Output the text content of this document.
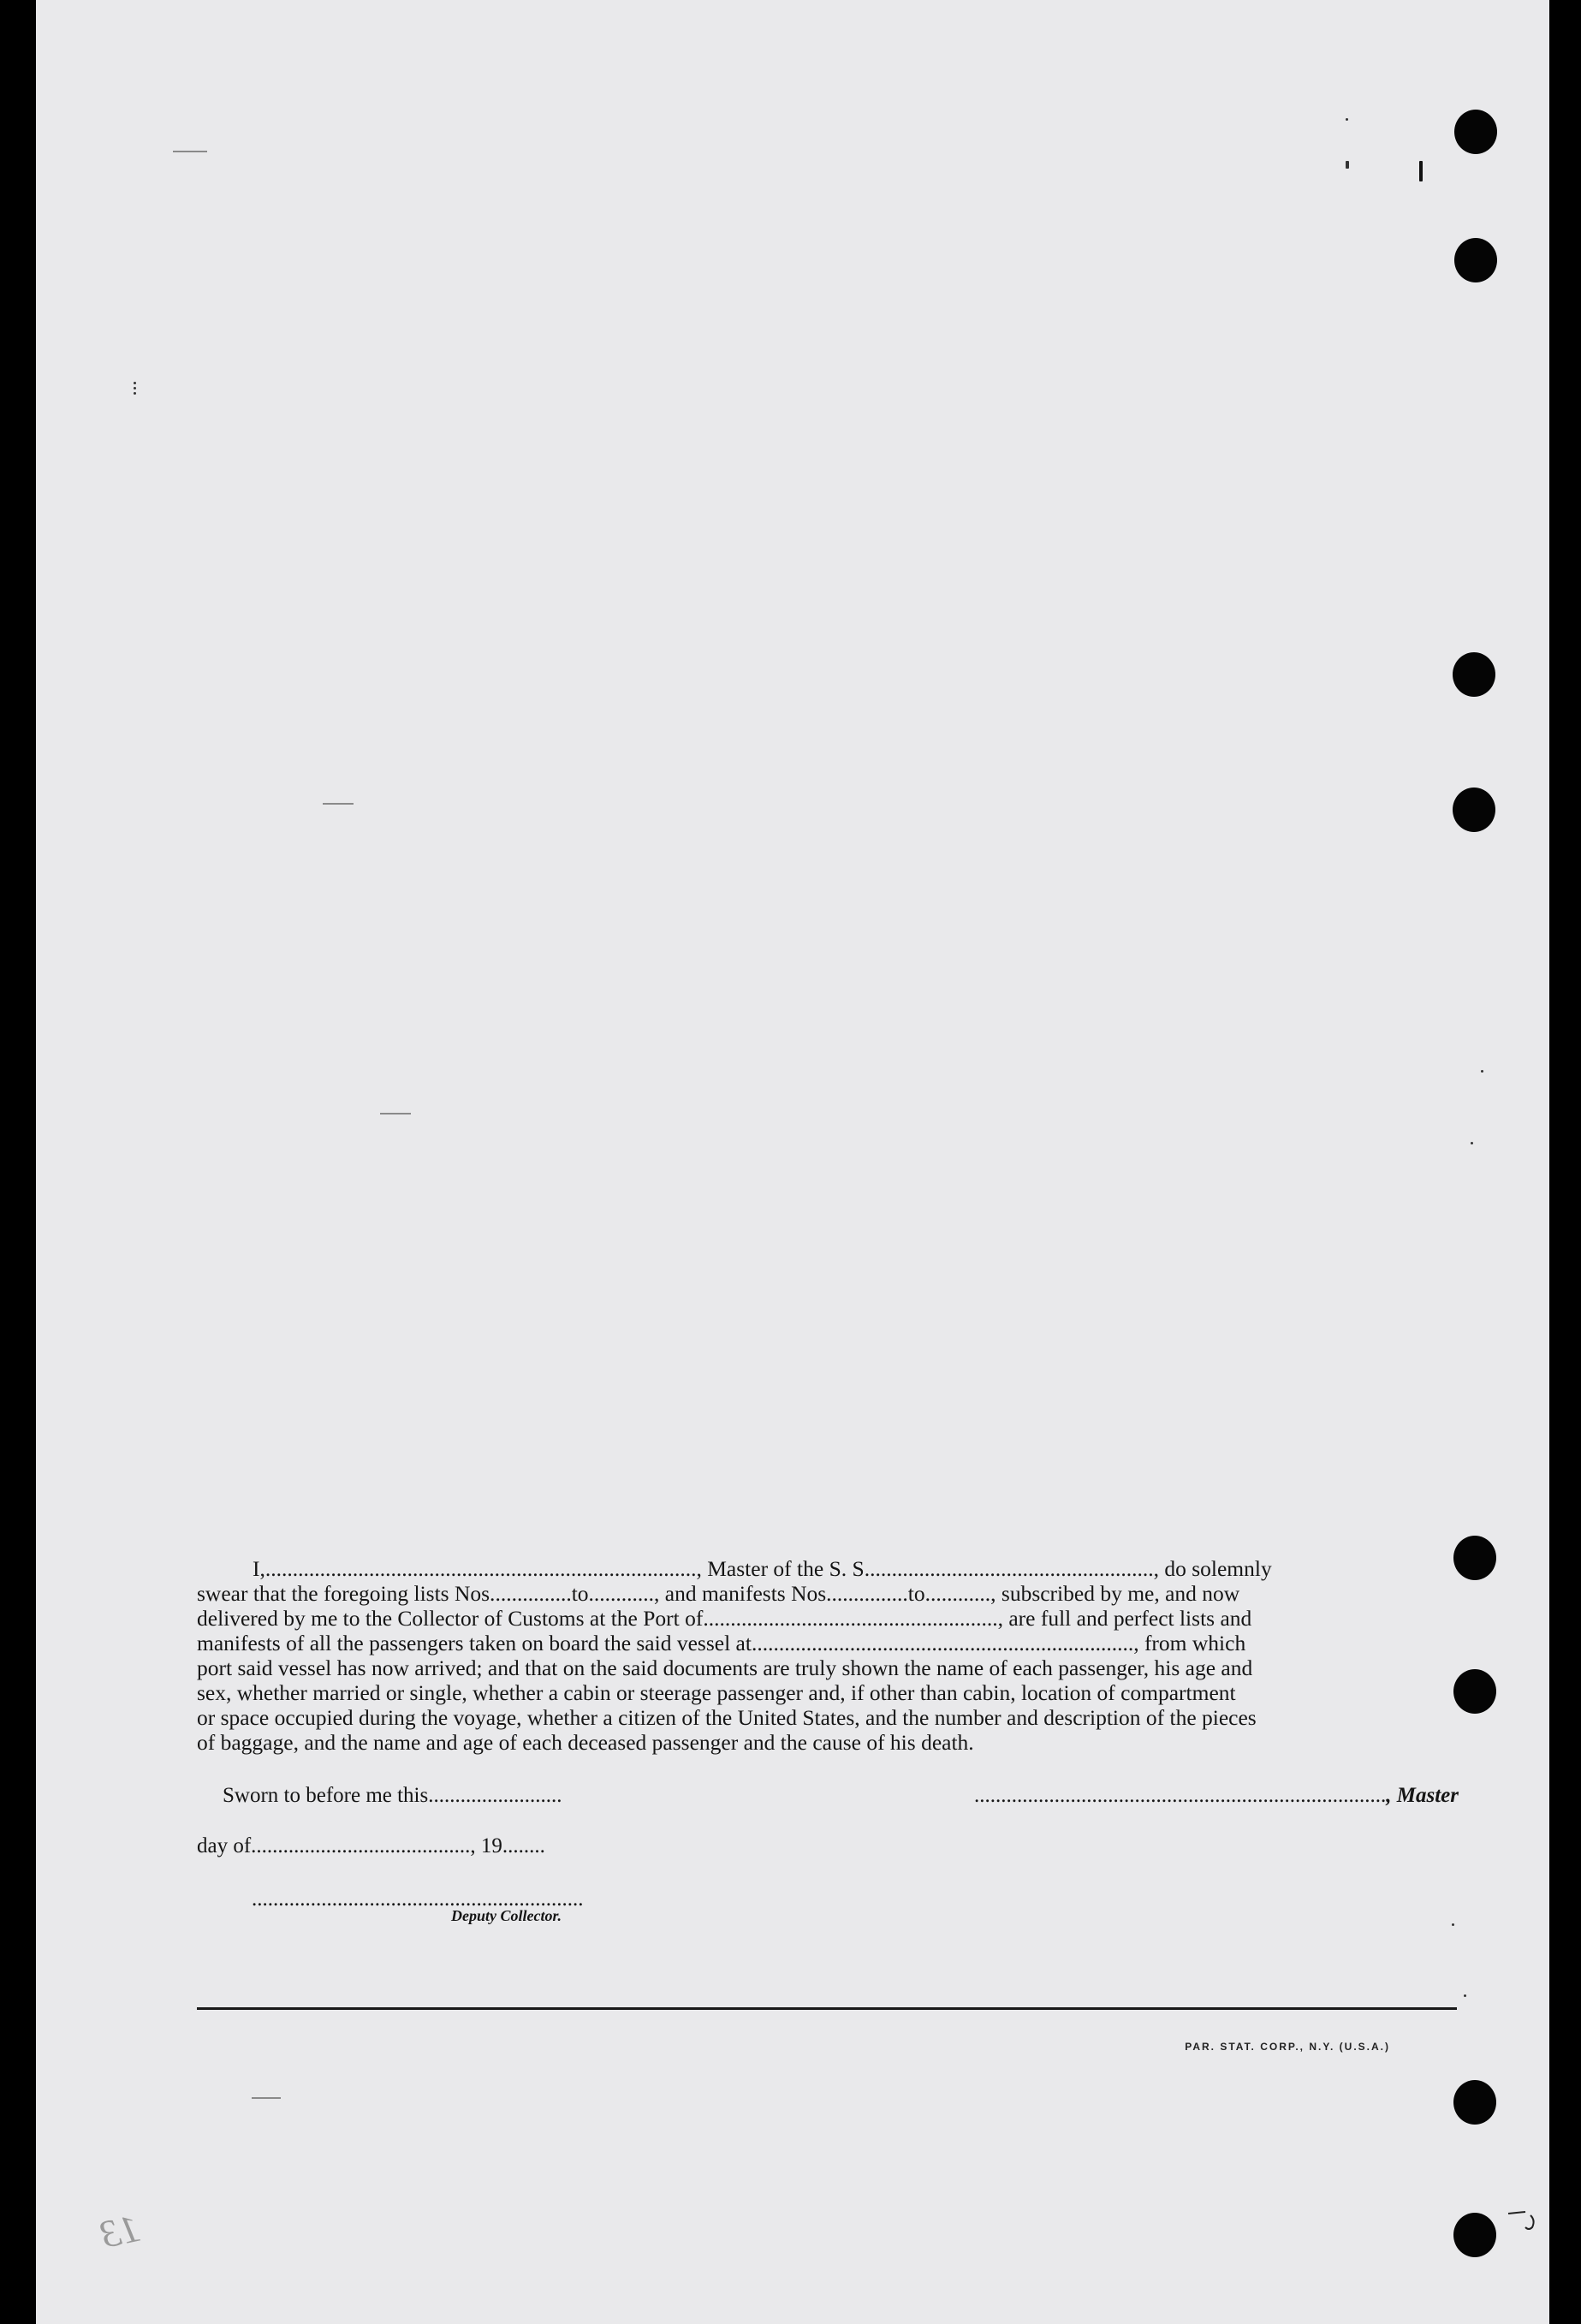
I,..............................................................................., Master of the S. S....................................................., do solemnly

swear that the foregoing lists Nos...............to............, and manifests Nos...............to............, subscribed by me, and now
delivered by me to the Collector of Customs at the Port of......................................................, are full and perfect lists and
manifests of all the passengers taken on board the said vessel at......................................................................, from which
port said vessel has now arrived; and that on the said documents are truly shown the name of each passenger, his age and
sex, whether married or single, whether a cabin or steerage passenger and, if other than cabin, location of compartment
or space occupied during the voyage, whether a citizen of the United States, and the number and description of the pieces
of baggage, and the name and age of each deceased passenger and the cause of his death.
Sworn to before me this.........................	............................................................................., Master
day of........................................., 19........
..............................................................
Deputy Collector.
PAR. STAT. CORP., N.Y. (U.S.A.)
13
